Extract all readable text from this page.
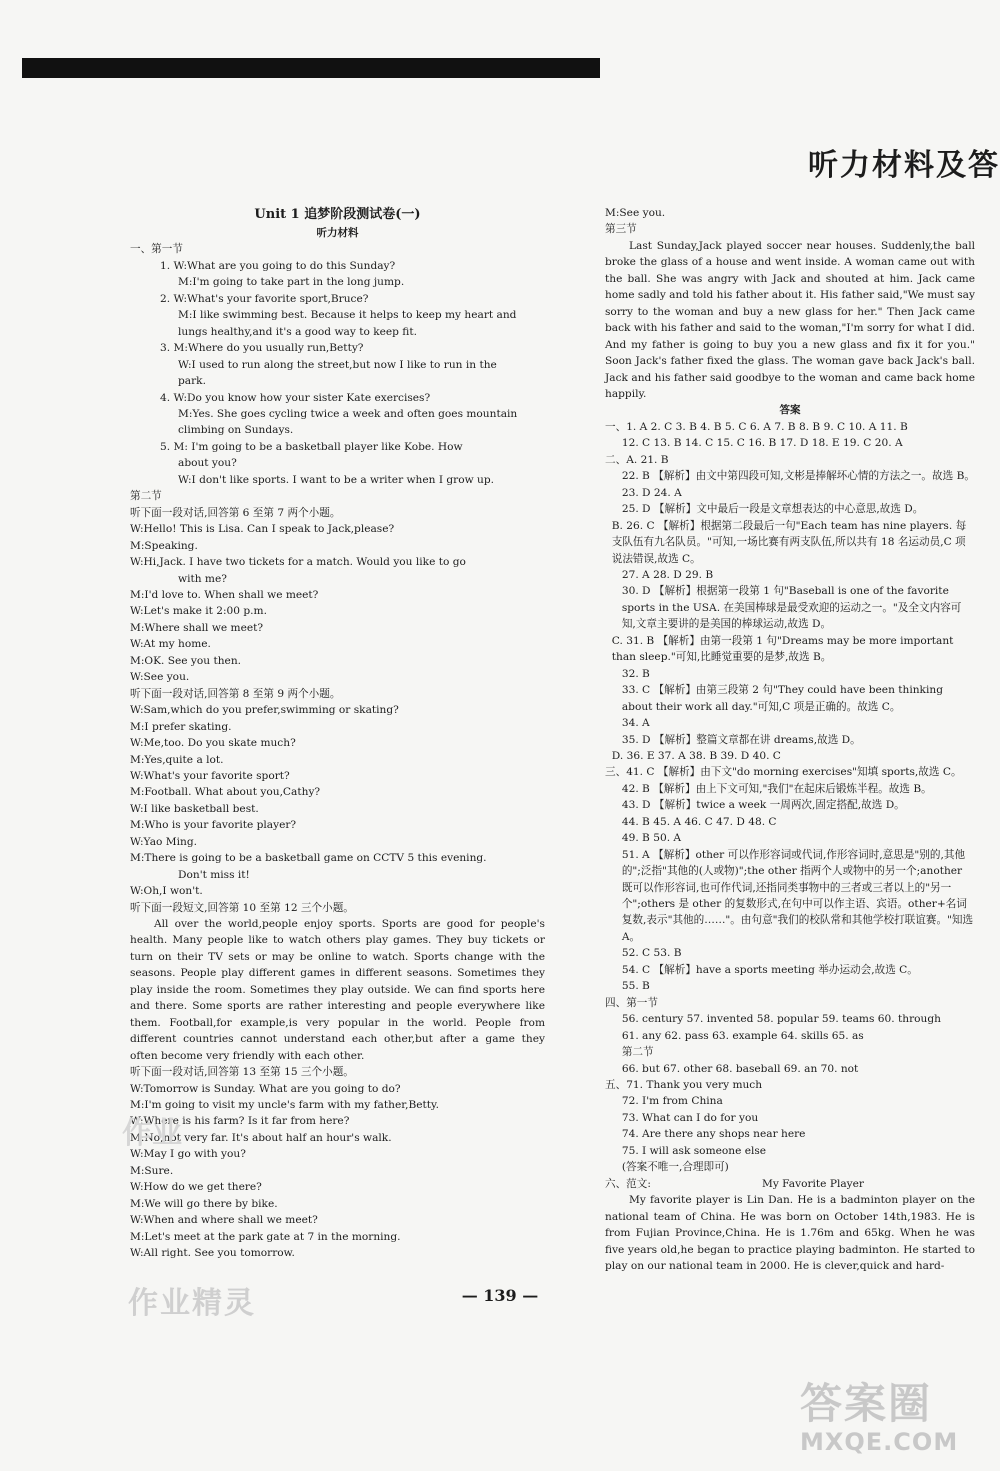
听力材料及答
Unit 1 追梦阶段测试卷(一)
听力材料
一、第一节
1. W:What are you going to do this Sunday?
M:I'm going to take part in the long jump.
2. W:What's your favorite sport,Bruce?
M:I like swimming best. Because it helps to keep my heart and
lungs healthy,and it's a good way to keep fit.
3. M:Where do you usually run,Betty?
W:I used to run along the street,but now I like to run in the
park.
4. W:Do you know how your sister Kate exercises?
M:Yes. She goes cycling twice a week and often goes mountain
climbing on Sundays.
5. M: I'm going to be a basketball player like Kobe. How
about you?
W:I don't like sports. I want to be a writer when I grow up.
第二节
听下面一段对话,回答第 6 至第 7 两个小题。
W:Hello! This is Lisa. Can I speak to Jack,please?
M:Speaking.
W:Hi,Jack. I have two tickets for a match. Would you like to go
with me?
M:I'd love to. When shall we meet?
W:Let's make it 2:00 p.m.
M:Where shall we meet?
W:At my home.
M:OK. See you then.
W:See you.
听下面一段对话,回答第 8 至第 9 两个小题。
W:Sam,which do you prefer,swimming or skating?
M:I prefer skating.
W:Me,too. Do you skate much?
M:Yes,quite a lot.
W:What's your favorite sport?
M:Football. What about you,Cathy?
W:I like basketball best.
M:Who is your favorite player?
W:Yao Ming.
M:There is going to be a basketball game on CCTV 5 this evening.
Don't miss it!
W:Oh,I won't.
听下面一段短文,回答第 10 至第 12 三个小题。
All over the world,people enjoy sports. Sports are good for people's health. Many people like to watch others play games. They buy tickets or turn on their TV sets or may be online to watch. Sports change with the seasons. People play different games in different seasons. Sometimes they play inside the room. Sometimes they play outside. We can find sports here and there. Some sports are rather interesting and people everywhere like them. Football,for example,is very popular in the world. People from different countries cannot understand each other,but after a game they often become very friendly with each other.
听下面一段对话,回答第 13 至第 15 三个小题。
W:Tomorrow is Sunday. What are you going to do?
M:I'm going to visit my uncle's farm with my father,Betty.
W:Where is his farm? Is it far from here?
M:No,not very far. It's about half an hour's walk.
W:May I go with you?
M:Sure.
W:How do we get there?
M:We will go there by bike.
W:When and where shall we meet?
M:Let's meet at the park gate at 7 in the morning.
W:All right. See you tomorrow.
M:See you.
第三节
Last Sunday,Jack played soccer near houses. Suddenly,the ball broke the glass of a house and went inside. A woman came out with the ball. She was angry with Jack and shouted at him. Jack came home sadly and told his father about it. His father said,"We must say sorry to the woman and buy a new glass for her." Then Jack came back with his father and said to the woman,"I'm sorry for what I did. And my father is going to buy you a new glass and fix it for you." Soon Jack's father fixed the glass. The woman gave back Jack's ball. Jack and his father said goodbye to the woman and came back home happily.
答案
一、 1. A 2. C 3. B 4. B 5. C 6. A 7. B 8. B 9. C 10. A 11. B

12. C 13. B 14. C 15. C 16. B 17. D 18. E 19. C 20. A
二、 A. 21. B

22. B 【解析】由文中第四段可知,文彬是捧解坏心情的方法之一。故选 B。 23. D 24. A

25. D 【解析】文中最后一段是文章想表达的中心意思,故选 D。

B. 26. C 【解析】根据第二段最后一句"Each team has nine players. 每支队伍有九名队员。"可知,一场比赛有两支队伍,所以共有 18 名运动员,C 项说法错误,故选 C。

27. A 28. D 29. B

30. D 【解析】根据第一段第 1 句"Baseball is one of the favorite sports in the USA. 在美国棒球是最受欢迎的运动之一。"及全文内容可知,文章主要讲的是美国的棒球运动,故选 D。

C. 31. B 【解析】由第一段第 1 句"Dreams may be more important than sleep."可知,比睡觉重要的是梦,故选 B。

32. B

33. C 【解析】由第三段第 2 句"They could have been thinking about their work all day."可知,C 项是正确的。故选 C。

34. A

35. D 【解析】整篇文章都在讲 dreams,故选 D。

D. 36. E 37. A 38. B 39. D 40. C
三、 41. C 【解析】由下文"do morning exercises"知填 sports,故选 C。

42. B 【解析】由上下文可知,"我们"在起床后锻炼半程。故选 B。

43. D 【解析】twice a week 一周两次,固定搭配,故选 D。

44. B 45. A 46. C 47. D 48. C

49. B 50. A

51. A 【解析】other 可以作形容词或代词,作形容词时,意思是"别的,其他的";泛指"其他的(人或物)";the other 指两个人或物中的另一个;another 既可以作形容词,也可作代词,还指同类事物中的三者或三者以上的"另一个";others 是 other 的复数形式,在句中可以作主语、宾语。other+名词复数,表示"其他的……"。由句意"我们的校队常和其他学校打联谊赛。"知选 A。

52. C 53. B

54. C 【解析】have a sports meeting 举办运动会,故选 C。

55. B
四、 第一节

56. century 57. invented 58. popular 59. teams 60. through

61. any 62. pass 63. example 64. skills 65. as

第二节

66. but 67. other 68. baseball 69. an 70. not
五、 71. Thank you very much

72. I'm from China

73. What can I do for you

74. Are there any shops near here

75. I will ask someone else

(答案不唯一,合理即可)
六、范文:	My Favorite Player
My favorite player is Lin Dan. He is a badminton player on the national team of China. He was born on October 14th,1983. He is from Fujian Province,China. He is 1.76m and 65kg. When he was five years old,he began to practice playing badminton. He started to play on our national team in 2000. He is clever,quick and hard-
— 139 —
作业精灵
作业
答案圈
MXQE.COM
